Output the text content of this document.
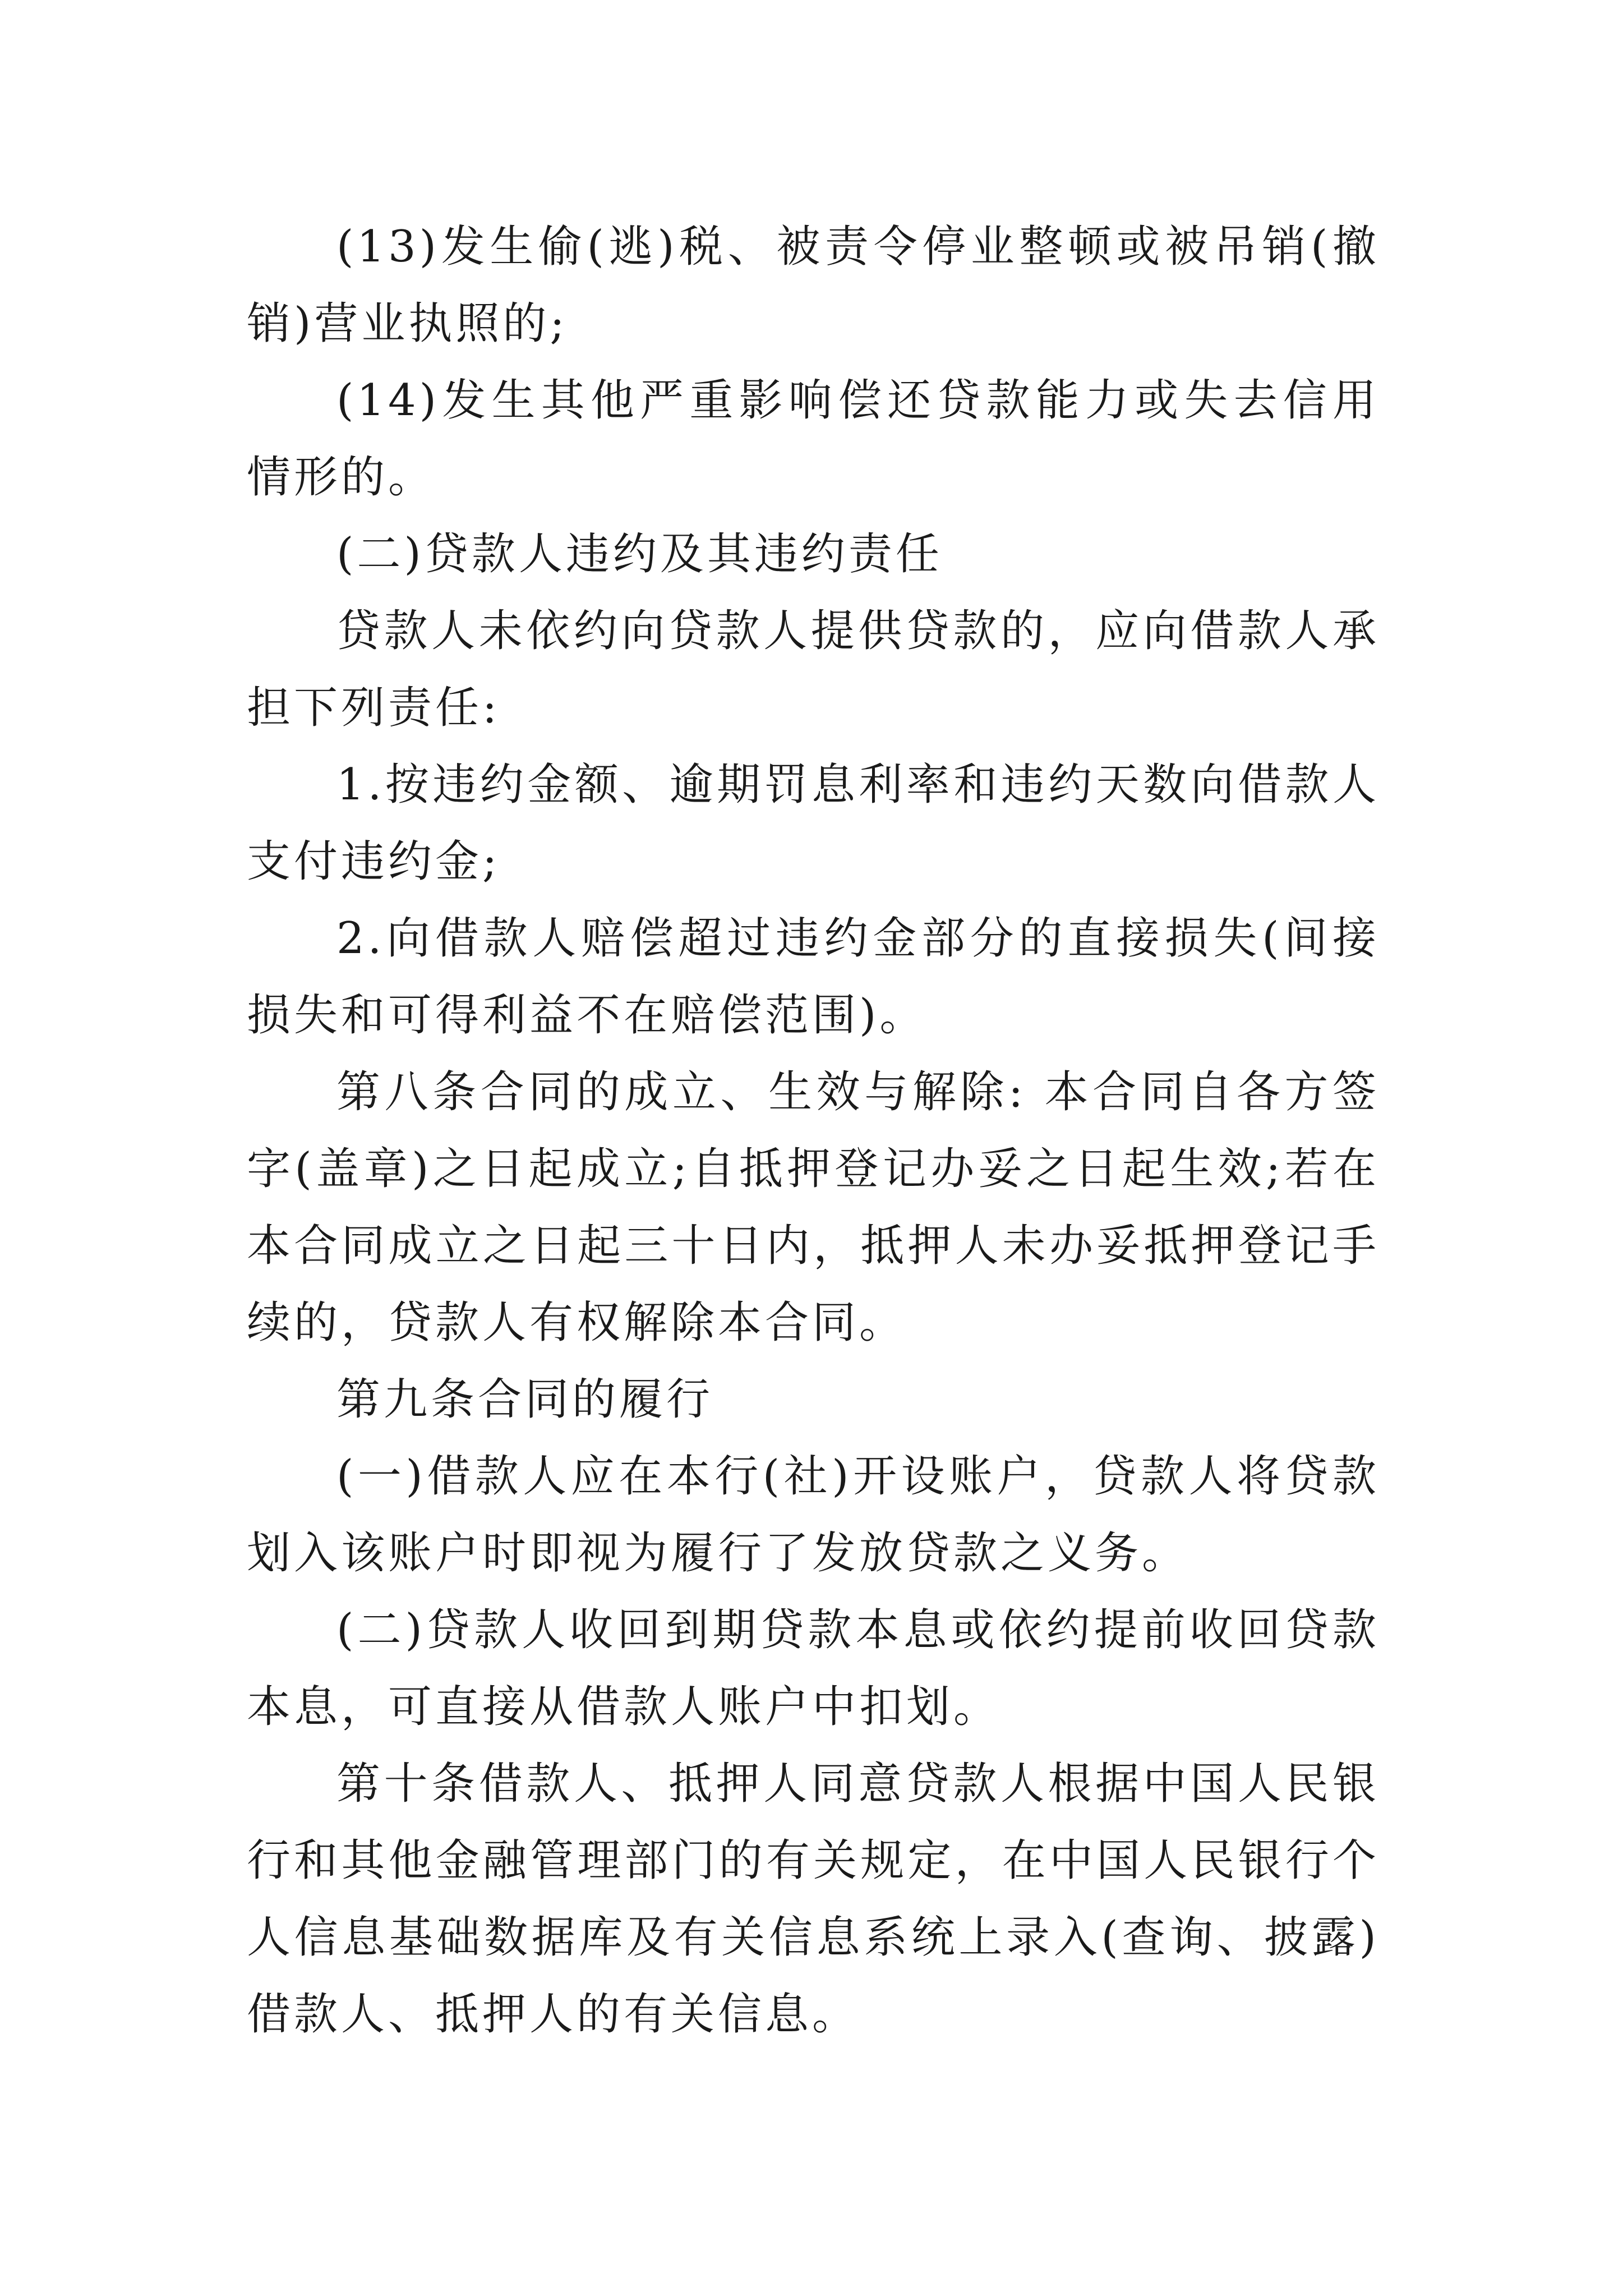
(13)发生偷(逃)税、被责令停业整顿或被吊销(撤销)营业执照的;

(14)发生其他严重影响偿还贷款能力或失去信用情形的。

(二)贷款人违约及其违约责任

贷款人未依约向贷款人提供贷款的，应向借款人承担下列责任:

1.按违约金额、逾期罚息利率和违约天数向借款人支付违约金;

2.向借款人赔偿超过违约金部分的直接损失(间接损失和可得利益不在赔偿范围)。

第八条合同的成立、生效与解除: 本合同自各方签字(盖章)之日起成立;自抵押登记办妥之日起生效;若在本合同成立之日起三十日内，抵押人未办妥抵押登记手续的，贷款人有权解除本合同。

第九条合同的履行

(一)借款人应在本行(社)开设账户，贷款人将贷款划入该账户时即视为履行了发放贷款之义务。

(二)贷款人收回到期贷款本息或依约提前收回贷款本息，可直接从借款人账户中扣划。

第十条借款人、抵押人同意贷款人根据中国人民银行和其他金融管理部门的有关规定，在中国人民银行个人信息基础数据库及有关信息系统上录入(查询、披露)借款人、抵押人的有关信息。
